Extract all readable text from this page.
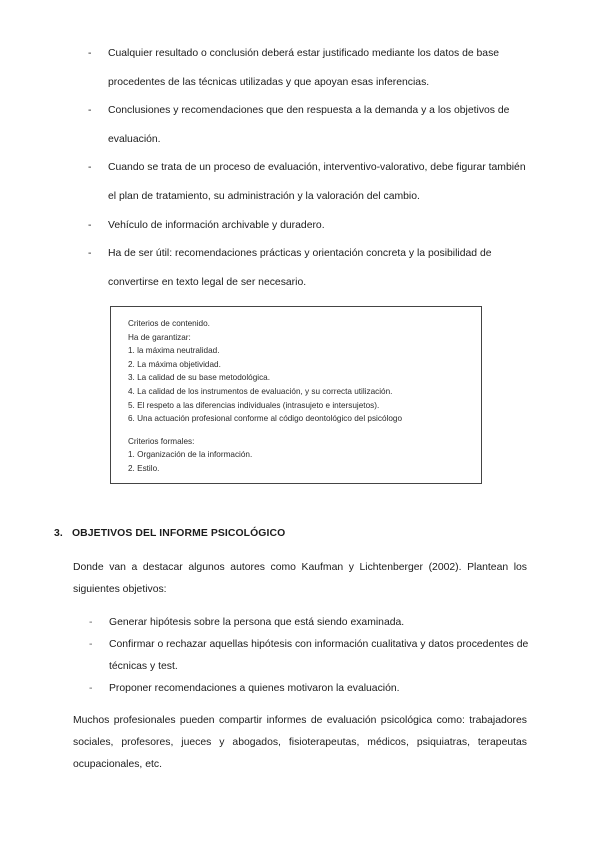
- Cualquier resultado o conclusión deberá estar justificado mediante los datos de base procedentes de las técnicas utilizadas y que apoyan esas inferencias.
- Conclusiones y recomendaciones que den respuesta a la demanda y a los objetivos de evaluación.
- Cuando se trata de un proceso de evaluación, interventivo-valorativo, debe figurar también el plan de tratamiento, su administración y la valoración del cambio.
- Vehículo de información archivable y duradero.
- Ha de ser útil: recomendaciones prácticas y orientación concreta y la posibilidad de convertirse en texto legal de ser necesario.
Criterios de contenido.
Ha de garantizar:
1. la máxima neutralidad.
2. La máxima objetividad.
3. La calidad de su base metodológica.
4. La calidad de los instrumentos de evaluación, y su correcta utilización.
5. El respeto a las diferencias individuales (intrasujeto e intersujetos).
6. Una actuación profesional conforme al código deontológico del psicólogo
Criterios formales:
1. Organización de la información.
2. Estilo.
3. OBJETIVOS DEL INFORME PSICOLÓGICO

Donde van a destacar algunos autores como Kaufman y Lichtenberger (2002). Plantean los siguientes objetivos:

- Generar hipótesis sobre la persona que está siendo examinada.
- Confirmar o rechazar aquellas hipótesis con información cualitativa y datos procedentes de técnicas y test.
- Proponer recomendaciones a quienes motivaron la evaluación.

Muchos profesionales pueden compartir informes de evaluación psicológica como: trabajadores sociales, profesores, jueces y abogados, fisioterapeutas, médicos, psiquiatras, terapeutas ocupacionales, etc.
